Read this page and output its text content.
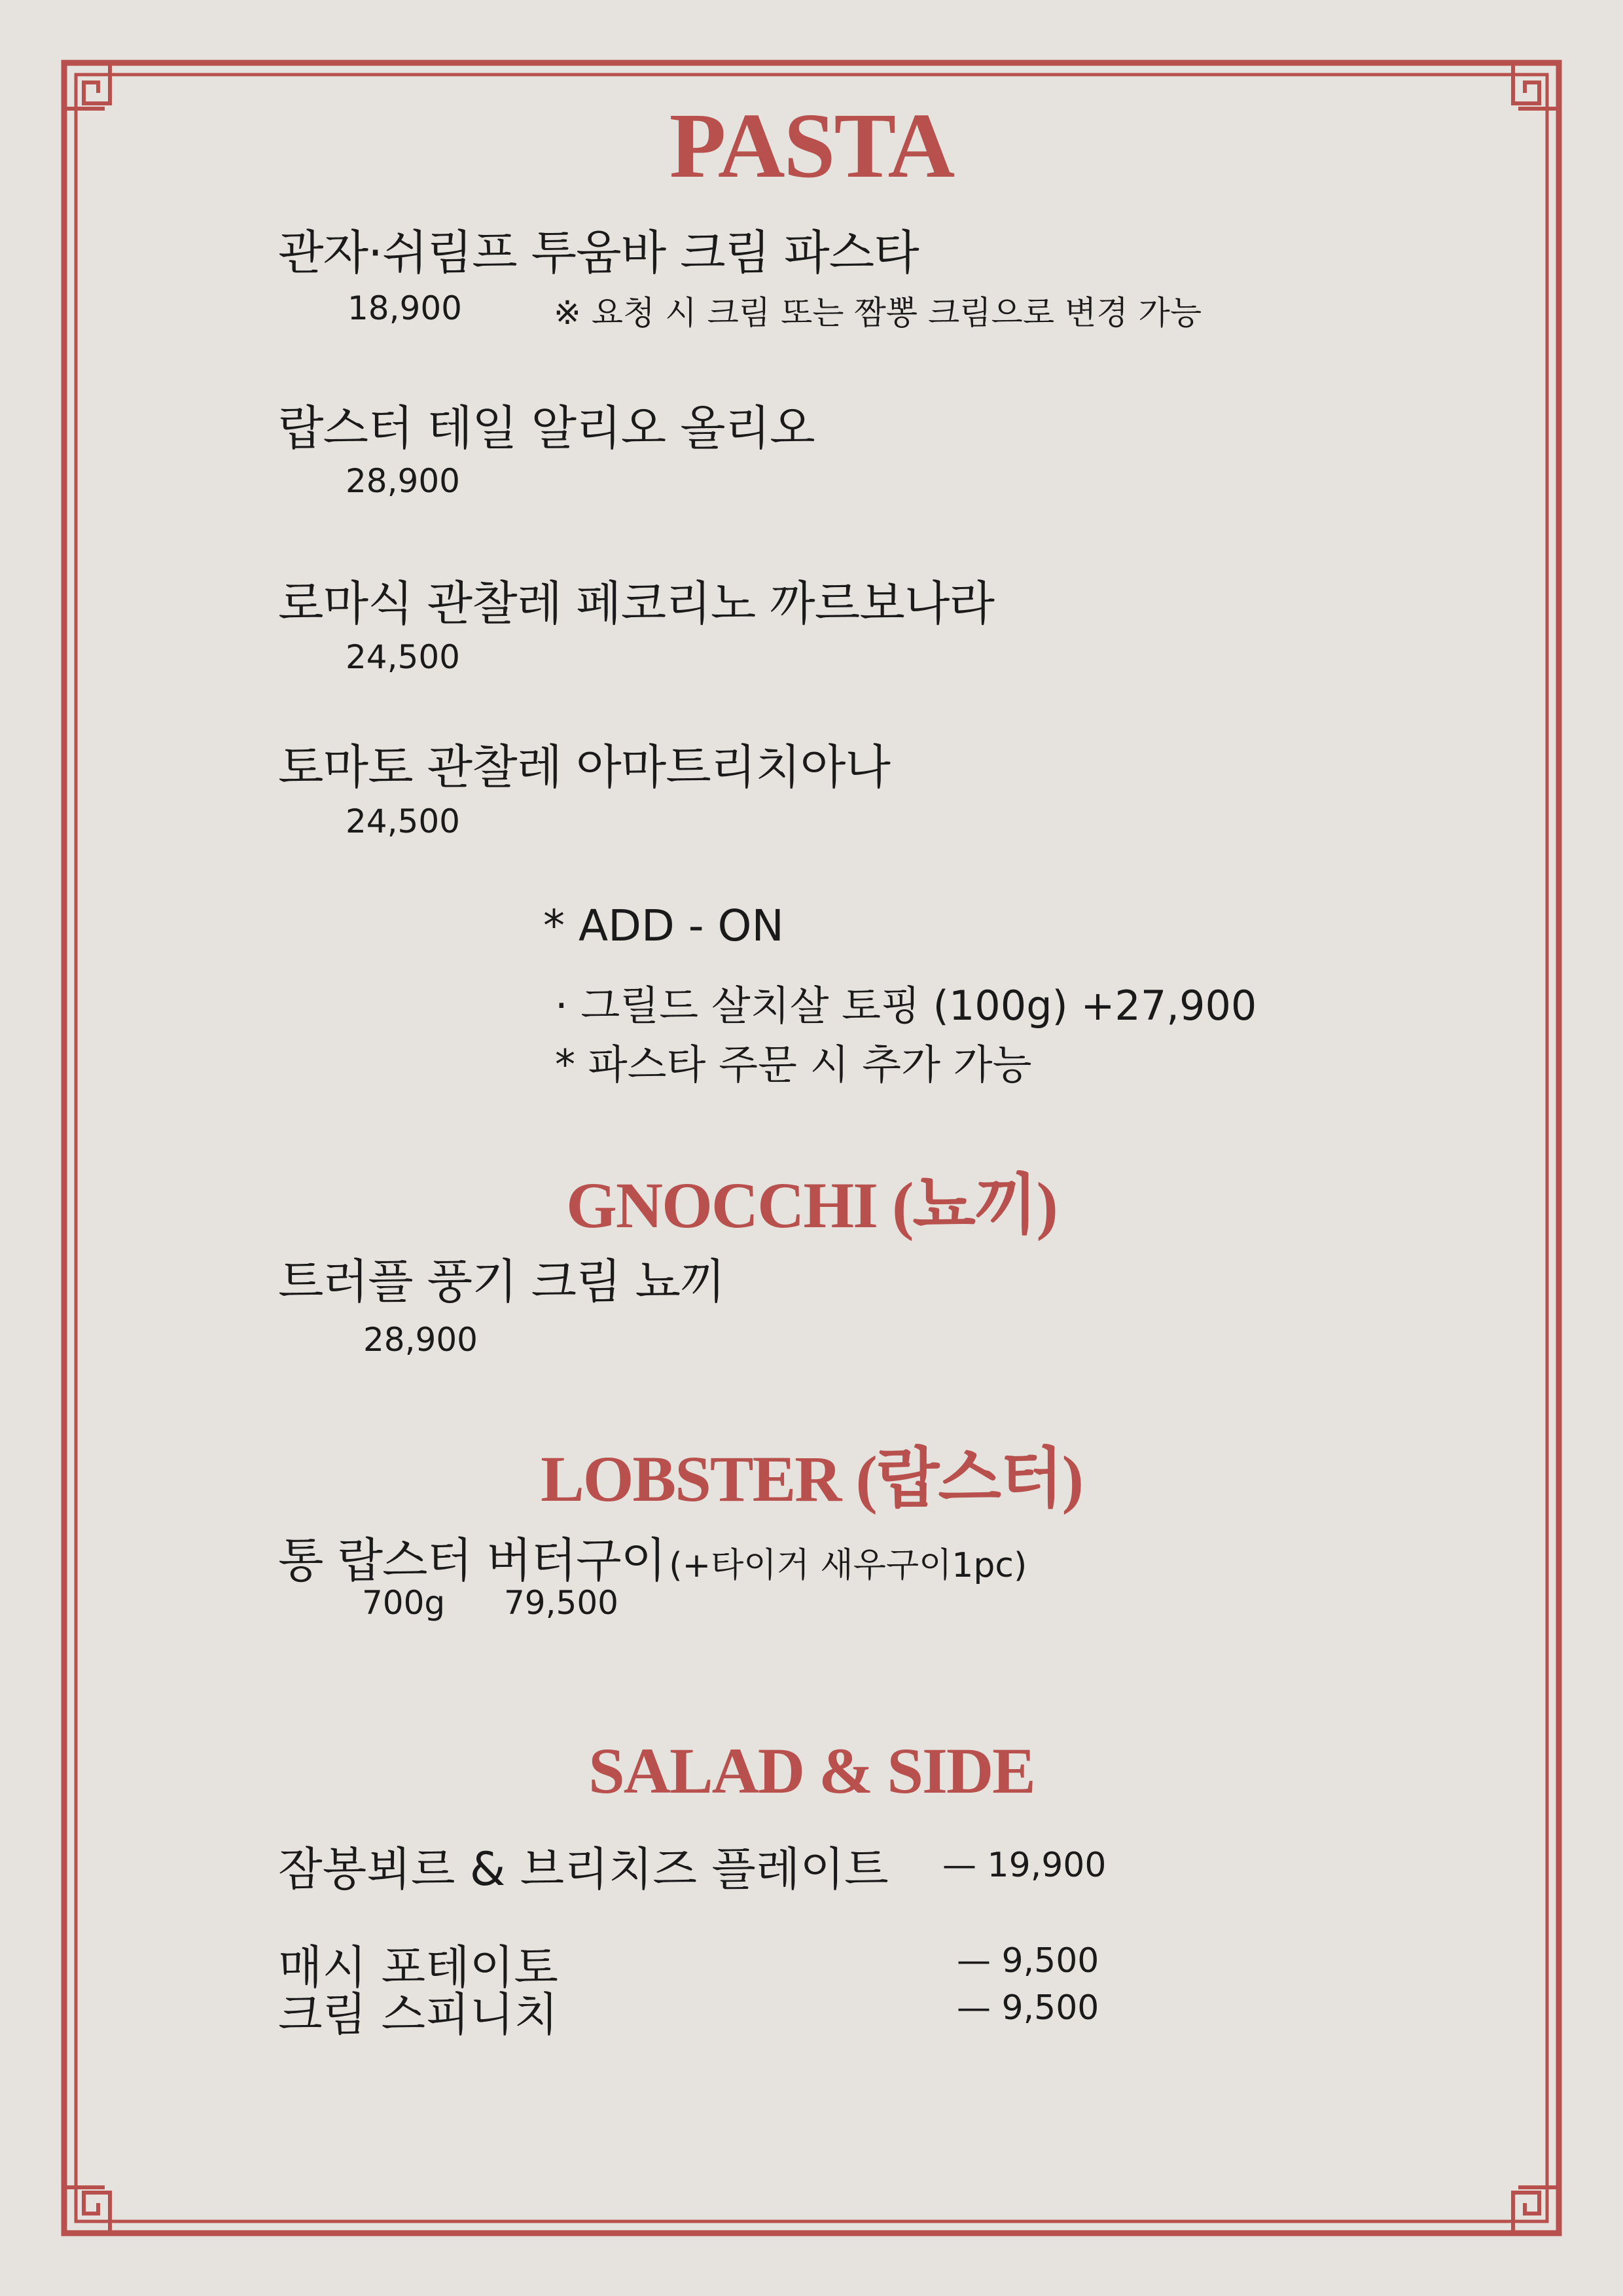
PASTA
관자·쉬림프 투움바 크림 파스타
18,900	※ 요청 시 크림 또는 짬뽕 크림으로 변경 가능
랍스터 테일 알리오 올리오
28,900
로마식 관찰레 페코리노 까르보나라
24,500
토마토 관찰레 아마트리치아나
24,500
* ADD - ON
· 그릴드 살치살 토핑 (100g) +27,900
* 파스타 주문 시 추가 가능
GNOCCHI (뇨끼)
트러플 풍기 크림 뇨끼
28,900
LOBSTER (랍스터)
통 랍스터 버터구이 (+타이거 새우구이1pc)
700g 79,500
SALAD & SIDE
잠봉뵈르 & 브리치즈 플레이트 — 19,900
매시 포테이토	— 9,500
크림 스피니치	— 9,500
